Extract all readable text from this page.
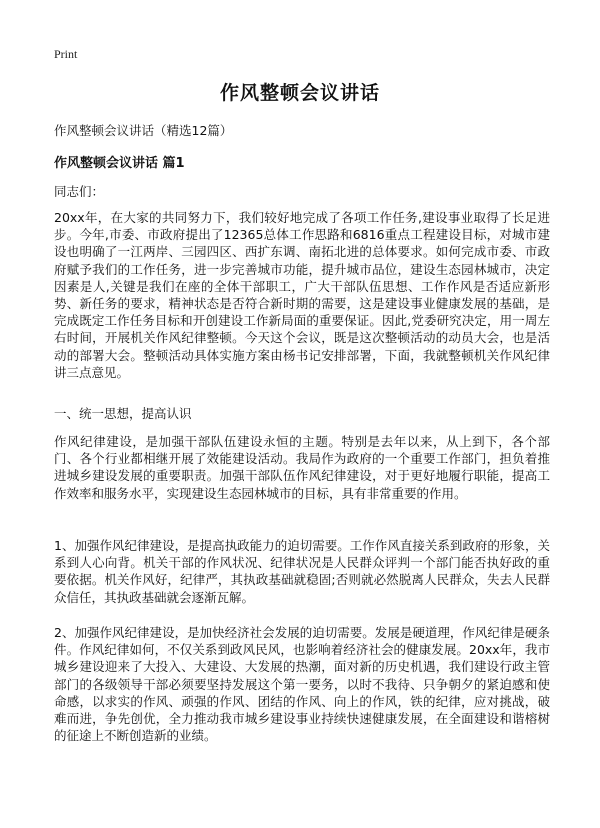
Print
作风整顿会议讲话
作风整顿会议讲话（精选12篇）
作风整顿会议讲话 篇1
同志们：

20xx年，在大家的共同努力下，我们较好地完成了各项工作任务,建设事业取得了长足进步。今年,市委、市政府提出了12365总体工作思路和6816重点工程建设目标，对城市建设也明确了一江两岸、三园四区、西扩东调、南拓北进的总体要求。如何完成市委、市政府赋予我们的工作任务，进一步完善城市功能，提升城市品位，建设生态园林城市，决定因素是人,关键是我们在座的全体干部职工，广大干部队伍思想、工作作风是否适应新形势、新任务的要求，精神状态是否符合新时期的需要，这是建设事业健康发展的基础，是完成既定工作任务目标和开创建设工作新局面的重要保证。因此,党委研究决定，用一周左右时间，开展机关作风纪律整顿。今天这个会议，既是这次整顿活动的动员大会，也是活动的部署大会。整顿活动具体实施方案由杨书记安排部署，下面，我就整顿机关作风纪律讲三点意见。

一、统一思想，提高认识

作风纪律建设，是加强干部队伍建设永恒的主题。特别是去年以来，从上到下，各个部门、各个行业都相继开展了效能建设活动。我局作为政府的一个重要工作部门，担负着推进城乡建设发展的重要职责。加强干部队伍作风纪律建设，对于更好地履行职能，提高工作效率和服务水平，实现建设生态园林城市的目标，具有非常重要的作用。

1、加强作风纪律建设，是提高执政能力的迫切需要。工作作风直接关系到政府的形象，关系到人心向背。机关干部的作风状况、纪律状况是人民群众评判一个部门能否执好政的重要依据。机关作风好，纪律严，其执政基础就稳固;否则就必然脱离人民群众，失去人民群众信任，其执政基础就会逐渐瓦解。

2、加强作风纪律建设，是加快经济社会发展的迫切需要。发展是硬道理，作风纪律是硬条件。作风纪律如何，不仅关系到政风民风，也影响着经济社会的健康发展。20xx年，我市城乡建设迎来了大投入、大建设、大发展的热潮，面对新的历史机遇，我们建设行政主管部门的各级领导干部必须要坚持发展这个第一要务，以时不我待、只争朝夕的紧迫感和使命感，以求实的作风、顽强的作风、团结的作风、向上的作风，铁的纪律，应对挑战，破难而进，争先创优，全力推动我市城乡建设事业持续快速健康发展，在全面建设和谐榕树的征途上不断创造新的业绩。
